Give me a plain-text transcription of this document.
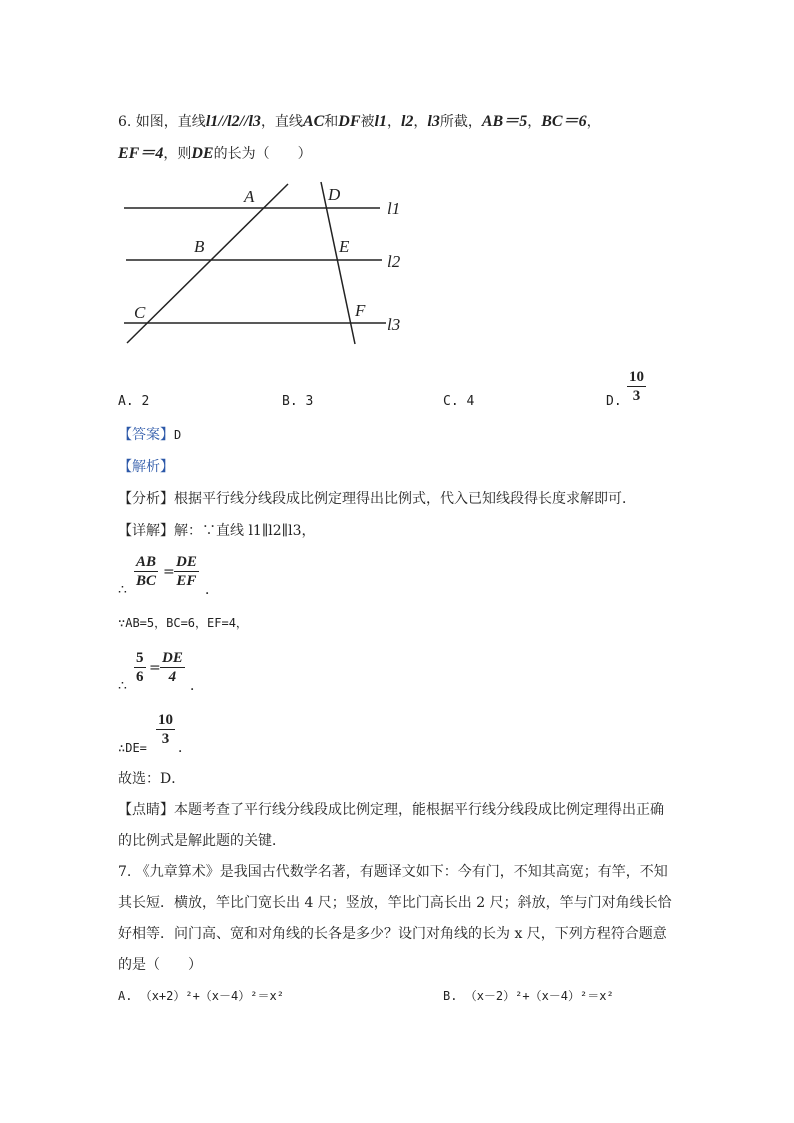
6. 如图，直线l1//l2//l3，直线AC和DF被l1，l2，l3所截，AB＝5，BC＝6，
EF＝4，则DE的长为（　　）
A
B
C
D
E
F
l1
l2
l3
A. 2	B. 3	C. 4	D. $\frac{10}{3}$
【答案】D
【解析】
【分析】根据平行线分线段成比例定理得出比例式，代入已知线段得长度求解即可．
【详解】解：∵直线 l1∥l2∥l3，
∴ $\frac{AB}{BC} = \frac{DE}{EF}$ ．
∵AB=5，BC=6，EF=4，
∴ $\frac{5}{6} = \frac{DE}{4}$ ．
∴DE= $\frac{10}{3}$ ．
故选：D．
【点睛】本题考查了平行线分线段成比例定理，能根据平行线分线段成比例定理得出正确
的比例式是解此题的关键．
7. 《九章算术》是我国古代数学名著，有题译文如下：今有门，不知其高宽；有竿，不知
其长短．横放，竿比门宽长出 4 尺；竖放，竿比门高长出 2 尺；斜放，竿与门对角线长恰
好相等．问门高、宽和对角线的长各是多少？设门对角线的长为 x 尺，下列方程符合题意
的是（　　）
A. （x+2）²+（x－4）²＝x²	B. （x－2）²+（x－4）²＝x²
